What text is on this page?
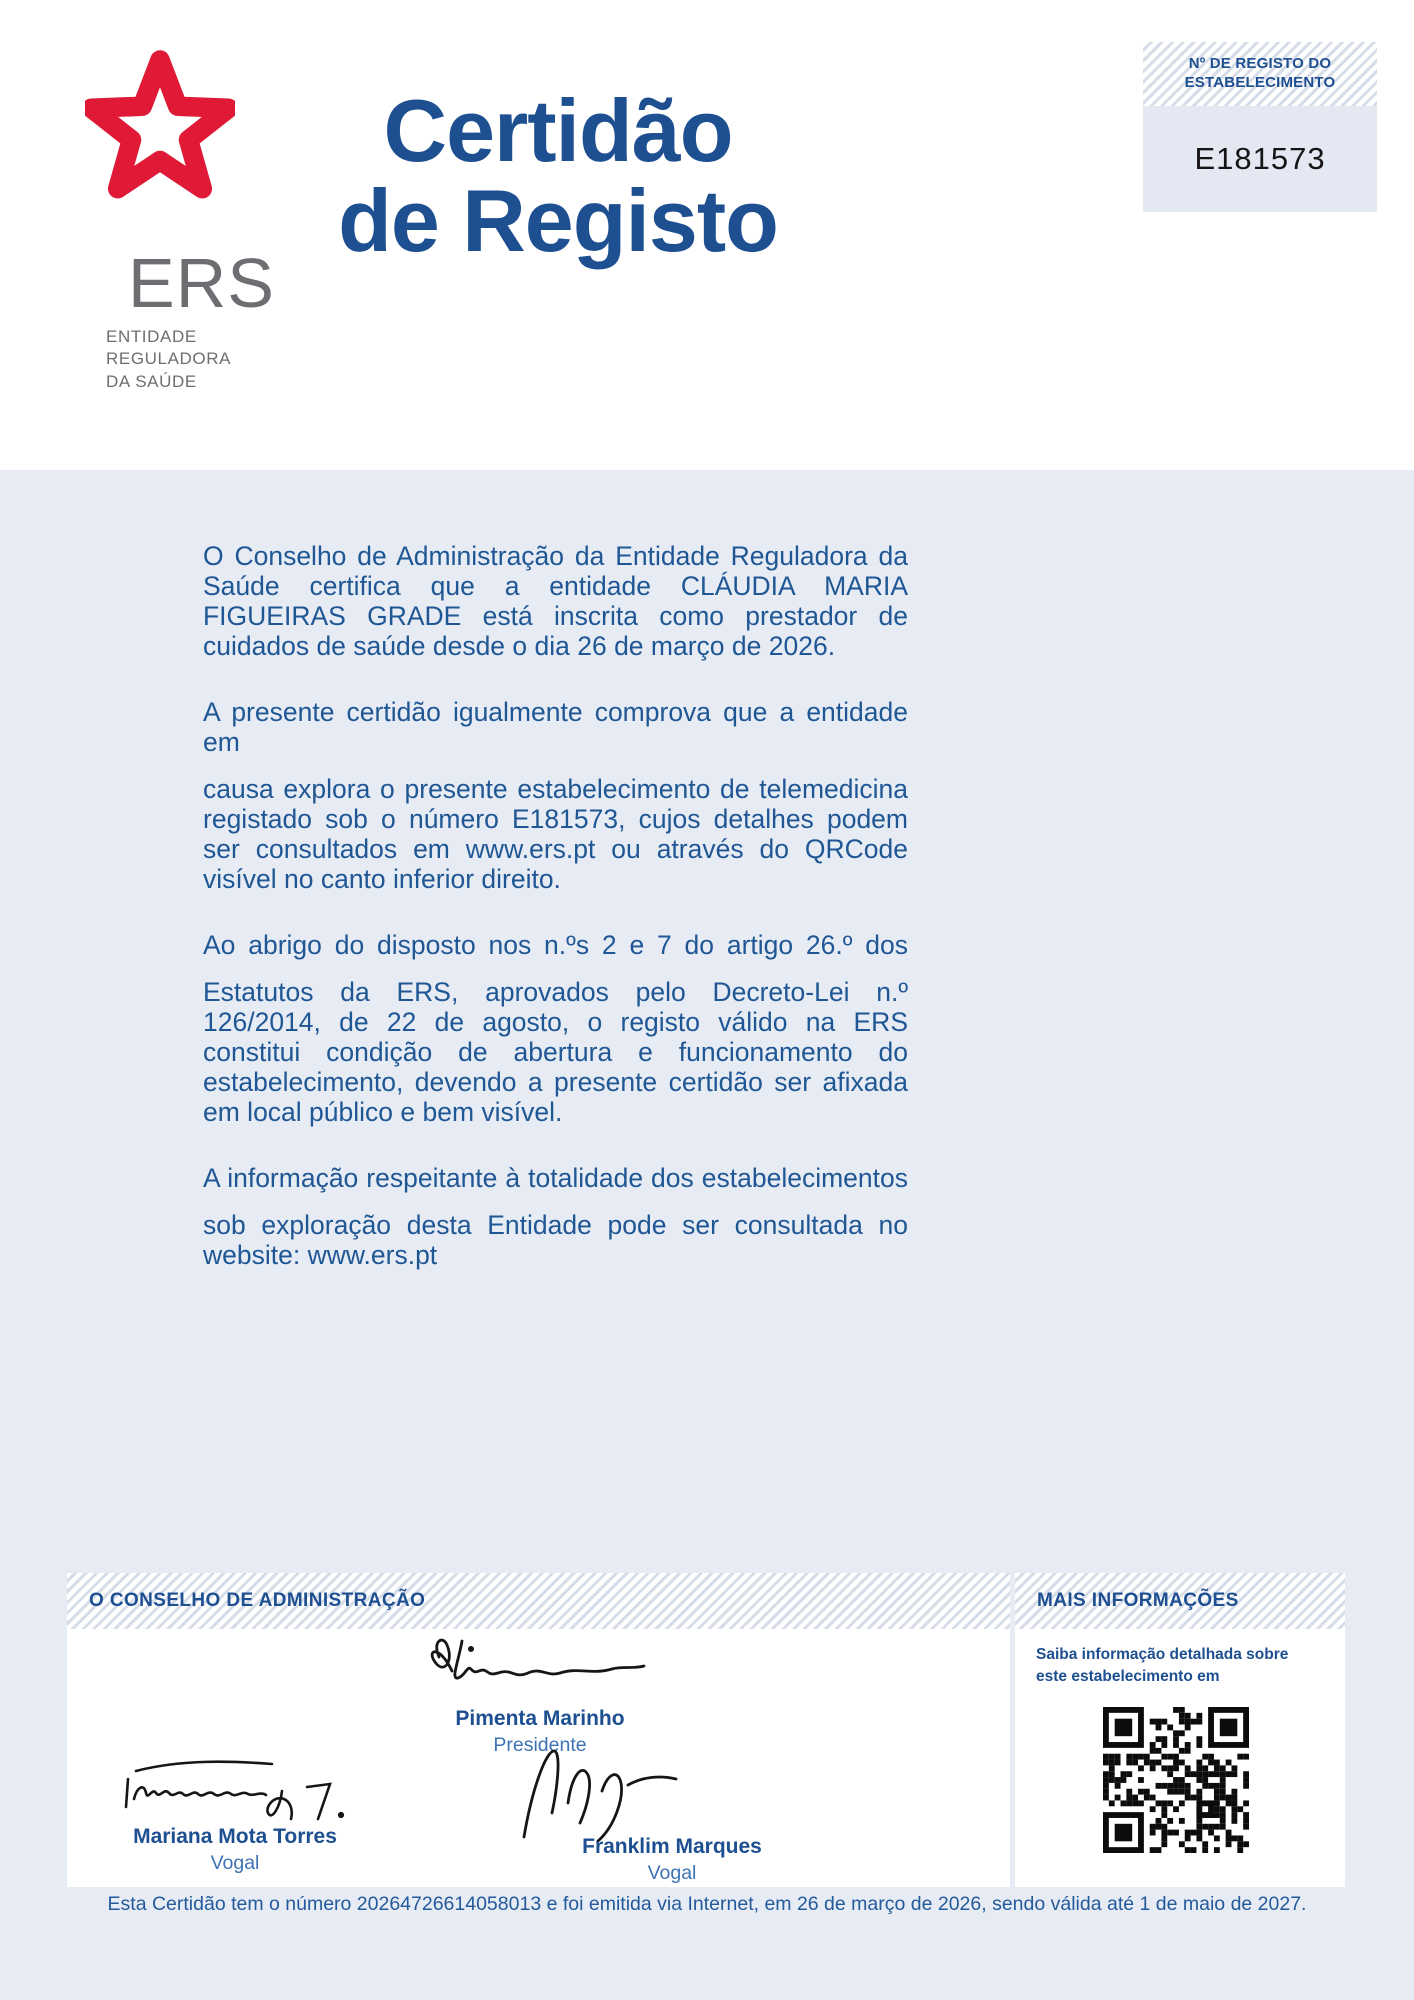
ERS
ENTIDADE
REGULADORA
DA SAÚDE
Certidão
de Registo
Nº DE REGISTO DO
ESTABELECIMENTO
E181573

O Conselho de Administração da Entidade Reguladora da Saúde certifica que a entidade CLÁUDIA MARIA FIGUEIRAS GRADE está inscrita como prestador de cuidados de saúde desde o dia 26 de março de 2026.

A presente certidão igualmente comprova que a entidade em
causa explora o presente estabelecimento de telemedicina registado sob o número E181573, cujos detalhes podem ser consultados em www.ers.pt ou através do QRCode visível no canto inferior direito.

Ao abrigo do disposto nos n.ºs 2 e 7 do artigo 26.º dos
Estatutos da ERS, aprovados pelo Decreto-Lei n.º 126/2014, de 22 de agosto, o registo válido na ERS constitui condição de abertura e funcionamento do estabelecimento, devendo a presente certidão ser afixada em local público e bem visível.

A informação respeitante à totalidade dos estabelecimentos
sob exploração desta Entidade pode ser consultada no website: www.ers.pt

O CONSELHO DE ADMINISTRAÇÃO
Pimenta Marinho
Presidente
Mariana Mota Torres
Vogal
Franklim Marques
Vogal
MAIS INFORMAÇÕES
Saiba informação detalhada sobre este estabelecimento em
Esta Certidão tem o número 20264726614058013 e foi emitida via Internet, em 26 de março de 2026, sendo válida até 1 de maio de 2027.
